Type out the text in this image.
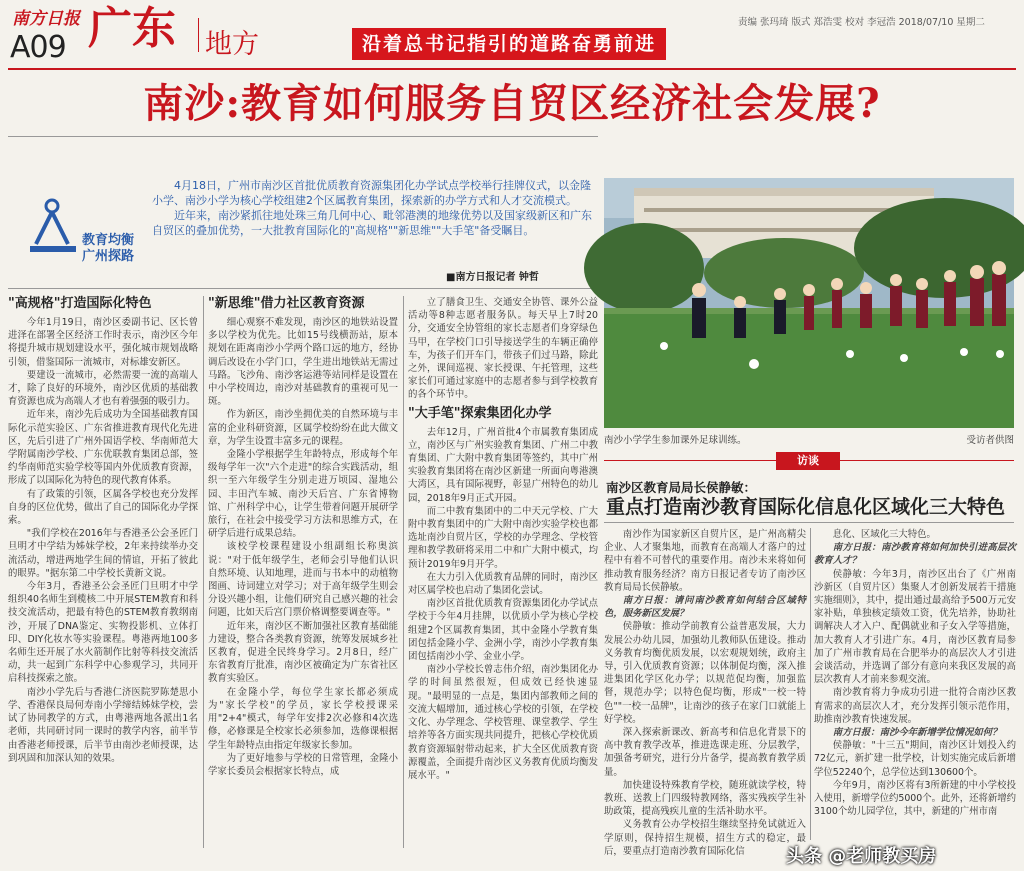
南方日报
A09 广东 地方	沿着总书记指引的道路奋勇前进
责编 张玛琦 版式 郑浩雯 校对 李冠浩 2018/07/10 星期二
南沙:教育如何服务自贸区经济社会发展?
教育均衡
广州探路

4月18日，广州市南沙区首批优质教育资源集团化办学试点学校举行挂牌仪式，以金隆小学、南沙小学为核心学校组建2个区属教育集团，探索新的办学方式和人才交流模式。

近年来，南沙紧抓往地处珠三角几何中心、毗邻港澳的地缘优势以及国家级新区和广东自贸区的叠加优势，一大批教育国际化的"高规格""新思维""大手笔"备受瞩目。

■南方日报记者 钟哲
"高规格"打造国际化特色

今年1月19日，南沙区委副书记、区长曾进泽在部署全区经济工作时表示，南沙区今年将提升城市规划建设水平，强化城市规划战略引领，借鉴国际一流城市，对标雄安新区。

要建设一流城市，必然需要一流的高端人才，除了良好的环境外，南沙区优质的基础教育资源也成为高端人才也有着强强的吸引力。

近年来，南沙先后成功为全国基础教育国际化示范实验区、广东省推进教育现代化先进区，先后引进了广州外国语学校、华南师范大学附属南沙学校、广东优联教育集团总部，签约华南师范实验学校等国内外优质教育资源，形成了以国际化为特色的现代教育体系。

有了政策的引领，区属各学校也充分发挥自身的区位优势，做出了自己的国际化办学探索。

"我们学校在2016年与香港圣公会圣匠门旦明才中学结为姊妹学校，2年来持续举办交流活动，增进两地学生间的情谊，开拓了彼此的眼界。"据东第二中学校长黄新文说。

今年3月，香港圣公会圣匠门旦明才中学组织40名师生到榄核二中开展STEM教育和科技交流活动，把最有特色的STEM教育教纲南沙，开展了DNA鉴定、实物投影机、立体打印、DIY化妆水等实验课程。粤港两地100多名师生还开展了水火箭制作比射等科技交流活动，共一起到广东科学中心参观学习，共同开启科技探索之旅。

南沙小学先后与香港仁济医院罗陈楚思小学、香港保良局何寿南小学缔结姊妹学校，尝试了协同教学的方式，由粤港两地各派出1名老师，共同研讨同一课时的教学内容，前半节由香港老师授课，后半节由南沙老师授课，达到巩固和加深认知的效果。

"新思维"借力社区教育资源

细心观察不难发现，南沙区的地铁站设置多以学校为优先。比如15号线横沥站，原本规划在距离南沙小学两个路口远的地方，经协调后改设在小学门口，学生进出地铁站无需过马路。飞沙角、南沙客运港等站同样是设置在中小学校周边，南沙对基础教育的重视可见一斑。

作为新区，南沙坐拥优美的自然环境与丰富的企业科研资源，区属学校纷纷在此大做文章，为学生设置丰富多元的课程。

金隆小学根据学生年龄特点，形成每个年级每学年一次"六个走进"的综合实践活动，组织一至六年级学生分别走进万顷园、湿地公园、丰田汽车城、南沙天后宫、广东省博物馆、广州科学中心，让学生带着问题开展研学旅行，在社会中接受学习方法和思维方式，在研学后进行成果总结。

该校学校课程建设小组副组长称奥滨说："对于低年级学生，老师会引导他们认识自然环境、认知地理，进而与书本中的动植物图画、诗词建立对学习；对于高年级学生则会分设兴趣小组，让他们研究自己感兴趣的社会问题，比如天后宫门票价格调整要调查等。"

近年来，南沙区不断加强社区教育基础能力建设，整合各类教育资源，统筹发展城乡社区教育，促进全民终身学习。2月8日，经广东省教育厅批准，南沙区被确定为广东省社区教育实验区。

在金隆小学，每位学生家长都必须成为"家长学校"的学员，家长学校授课采用"2+4"模式，每学年安排2次必修和4次选修，必修课是全校家长必须参加，选修课根据学生年龄特点由指定年级家长参加。

为了更好地参与学校的日常管理，金隆小学家长委员会根据家长特点，成

立了膳食卫生、交通安全协管、课外公益活动等8种志愿者服务队。每天早上7时20分，交通安全协管组的家长志愿者们身穿绿色马甲，在学校门口引导接送学生的车辆正确停车，为孩子们开车门，带孩子们过马路，除此之外，课间巡视、家长授课、午托管理，这些家长们可通过家庭中的志愿者参与到学校教育的各个环节中。

"大手笔"探索集团化办学

去年12月，广州首批4个市属教育集团成立，南沙区与广州实验教育集团、广州二中教育集团、广大附中教育集团等签约，其中广州实验教育集团将在南沙区新建一所面向粤港澳大湾区，具有国际视野，彰显广州特色的幼儿园，2018年9月正式开园。

而二中教育集团中的二中天元学校、广大附中教育集团中的广大附中南沙实验学校也都选址南沙自贸片区，学校的办学理念、学校管理和教学教研将采用二中和广大附中模式，均预计2019年9月开学。

在大力引入优质教育品牌的同时，南沙区对区属学校也启动了集团化尝试。

南沙区首批优质教育资源集团化办学试点学校于今年4月挂牌，以优质小学为核心学校组建2个区属教育集团，其中金隆小学教育集团包括金隆小学、金洲小学，南沙小学教育集团包括南沙小学、金业小学。

南沙小学校长曾志伟介绍，南沙集团化办学的时间虽然很短，但成效已经快速显现。"最明显的一点是，集团内部教师之间的交流大幅增加，通过核心学校的引领，在学校文化、办学理念、学校管理、课堂教学、学生培养等各方面实现共同提升，把核心学校优质教育资源辐射带动起来，扩大全区优质教育资源覆盖，全面提升南沙区义务教育优质均衡发展水平。"

南沙小学学生参加课外足球训练。	受访者供图
访谈
南沙区教育局局长侯静敏：
重点打造南沙教育国际化信息化区域化三大特色

南沙作为国家新区自贸片区，是广州高精尖企业、人才聚集地，而教育在高端人才落户的过程中有着不可替代的重要作用。南沙未来将如何推动教育服务经济？南方日报记者专访了南沙区教育局局长侯静敏。

南方日报：请问南沙教育如何结合区域特色，服务新区发展？

侯静敏：推动学前教育公益普惠发展，大力发展公办幼儿园，加强幼儿教师队伍建设。推动义务教育均衡优质发展，以宏观规划统，政府主导，引入优质教育资源；以体制促均衡，深入推进集团化学区化办学；以规范促均衡，加强监督，规范办学；以特色促均衡，形成"一校一特色""一校一品牌"，让南沙的孩子在家门口就能上好学校。

深入探索新课改、新高考和信息化背景下的高中教育教学改革，推进选课走班、分层教学，加强备考研究，进行分片备学，提高教育教学质量。

加快建设特殊教育学校，随班就读学校，特教班、送教上门四级特教网络，落实残疾学生补助政策，提高残疾儿童的生活补助水平。

义务教育公办学校招生继续坚持免试就近入学原则，保持招生规模，招生方式的稳定，最后，要重点打造南沙教育国际化信

息化、区域化三大特色。

南方日报：南沙教育将如何加快引进高层次教育人才？

侯静敏：今年3月，南沙区出台了《广州南沙新区（自贸片区）集聚人才创新发展若干措施实施细则》，其中，提出通过最高给予500万元安家补贴，单独核定绩效工资，优先培养，协助社调解决人才入户、配偶就业和子女入学等措施，加大教育人才引进广东。4月，南沙区教育局参加了广州市教育局在合肥举办的高层次人才引进会谈活动，并选调了部分有意向来我区发展的高层次教育人才前来参观交流。

南沙教育将力争成功引进一批符合南沙区教育需求的高层次人才，充分发挥引领示范作用，助推南沙教育快速发展。

南方日报：南沙今年新增学位情况如何？

侯静敏："十三五"期间，南沙区计划投入约72亿元，新扩建一批学校，计划实施完成后新增学位52240个，总学位达到130600个。

今年9月，南沙区将有3所新建的中小学校投入使用，新增学位约5000个。此外，还将新增约3100个幼儿园学位，其中，新建的广州市南

头条 @老师教买房
